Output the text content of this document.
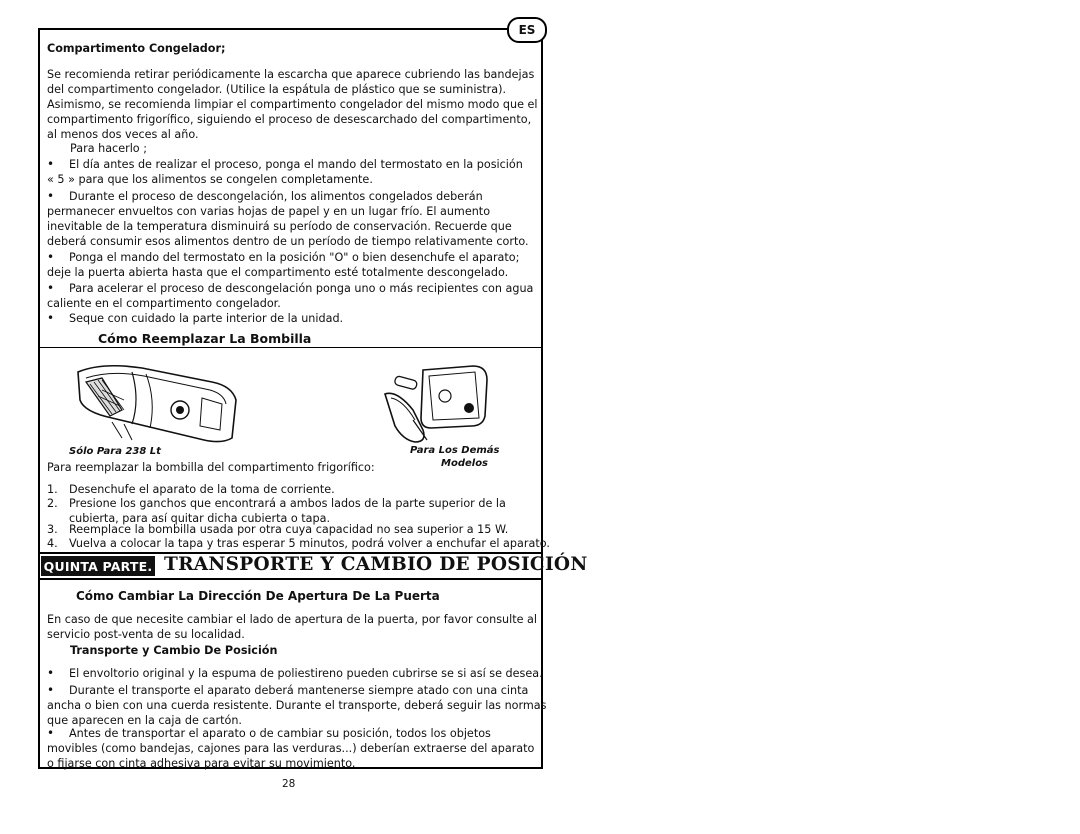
ES
Compartimento Congelador;
Se recomienda retirar periódicamente la escarcha que aparece cubriendo las bandejas
del compartimento congelador. (Utilice la espátula de plástico que se suministra).
Asimismo, se recomienda limpiar el compartimento congelador del mismo modo que el
compartimento frigorífico, siguiendo el proceso de desescarchado del compartimento,
al menos dos veces al año.
Para hacerlo ;
•	El día antes de realizar el proceso, ponga el mando del termostato en la posición
« 5 » para que los alimentos se congelen completamente.
•	Durante el proceso de descongelación, los alimentos congelados deberán
permanecer envueltos con varias hojas de papel y en un lugar frío. El aumento
inevitable de la temperatura disminuirá su período de conservación. Recuerde que
deberá consumir esos alimentos dentro de un período de tiempo relativamente corto.
•	Ponga el mando del termostato en la posición "O" o bien desenchufe el aparato;
deje la puerta abierta hasta que el compartimento esté totalmente descongelado.
•	Para acelerar el proceso de descongelación ponga uno o más recipientes con agua
caliente en el compartimento congelador.
• Seque con cuidado la parte interior de la unidad.
Cómo Reemplazar La Bombilla
Sólo Para 238 Lt	Para Los Demás
Modelos
Para reemplazar la bombilla del compartimento frigorífico:
1. Desenchufe el aparato de la toma de corriente.
2. Presione los ganchos que encontrará a ambos lados de la parte superior de la
cubierta, para así quitar dicha cubierta o tapa.
3. Reemplace la bombilla usada por otra cuya capacidad no sea superior a 15 W.
4. Vuelva a colocar la tapa y tras esperar 5 minutos, podrá volver a enchufar el aparato.
QUINTA PARTE. TRANSPORTE Y CAMBIO DE POSICIÓN
Cómo Cambiar La Dirección De Apertura De La Puerta
En caso de que necesite cambiar el lado de apertura de la puerta, por favor consulte al
servicio post-venta de su localidad.
Transporte y Cambio De Posición
• El envoltorio original y la espuma de poliestireno pueden cubrirse se si así se desea.
•	Durante el transporte el aparato deberá mantenerse siempre atado con una cinta
ancha o bien con una cuerda resistente. Durante el transporte, deberá seguir las normas
que aparecen en la caja de cartón.
•	Antes de transportar el aparato o de cambiar su posición, todos los objetos
movibles (como bandejas, cajones para las verduras...) deberían extraerse del aparato
o fijarse con cinta adhesiva para evitar su movimiento.
28
